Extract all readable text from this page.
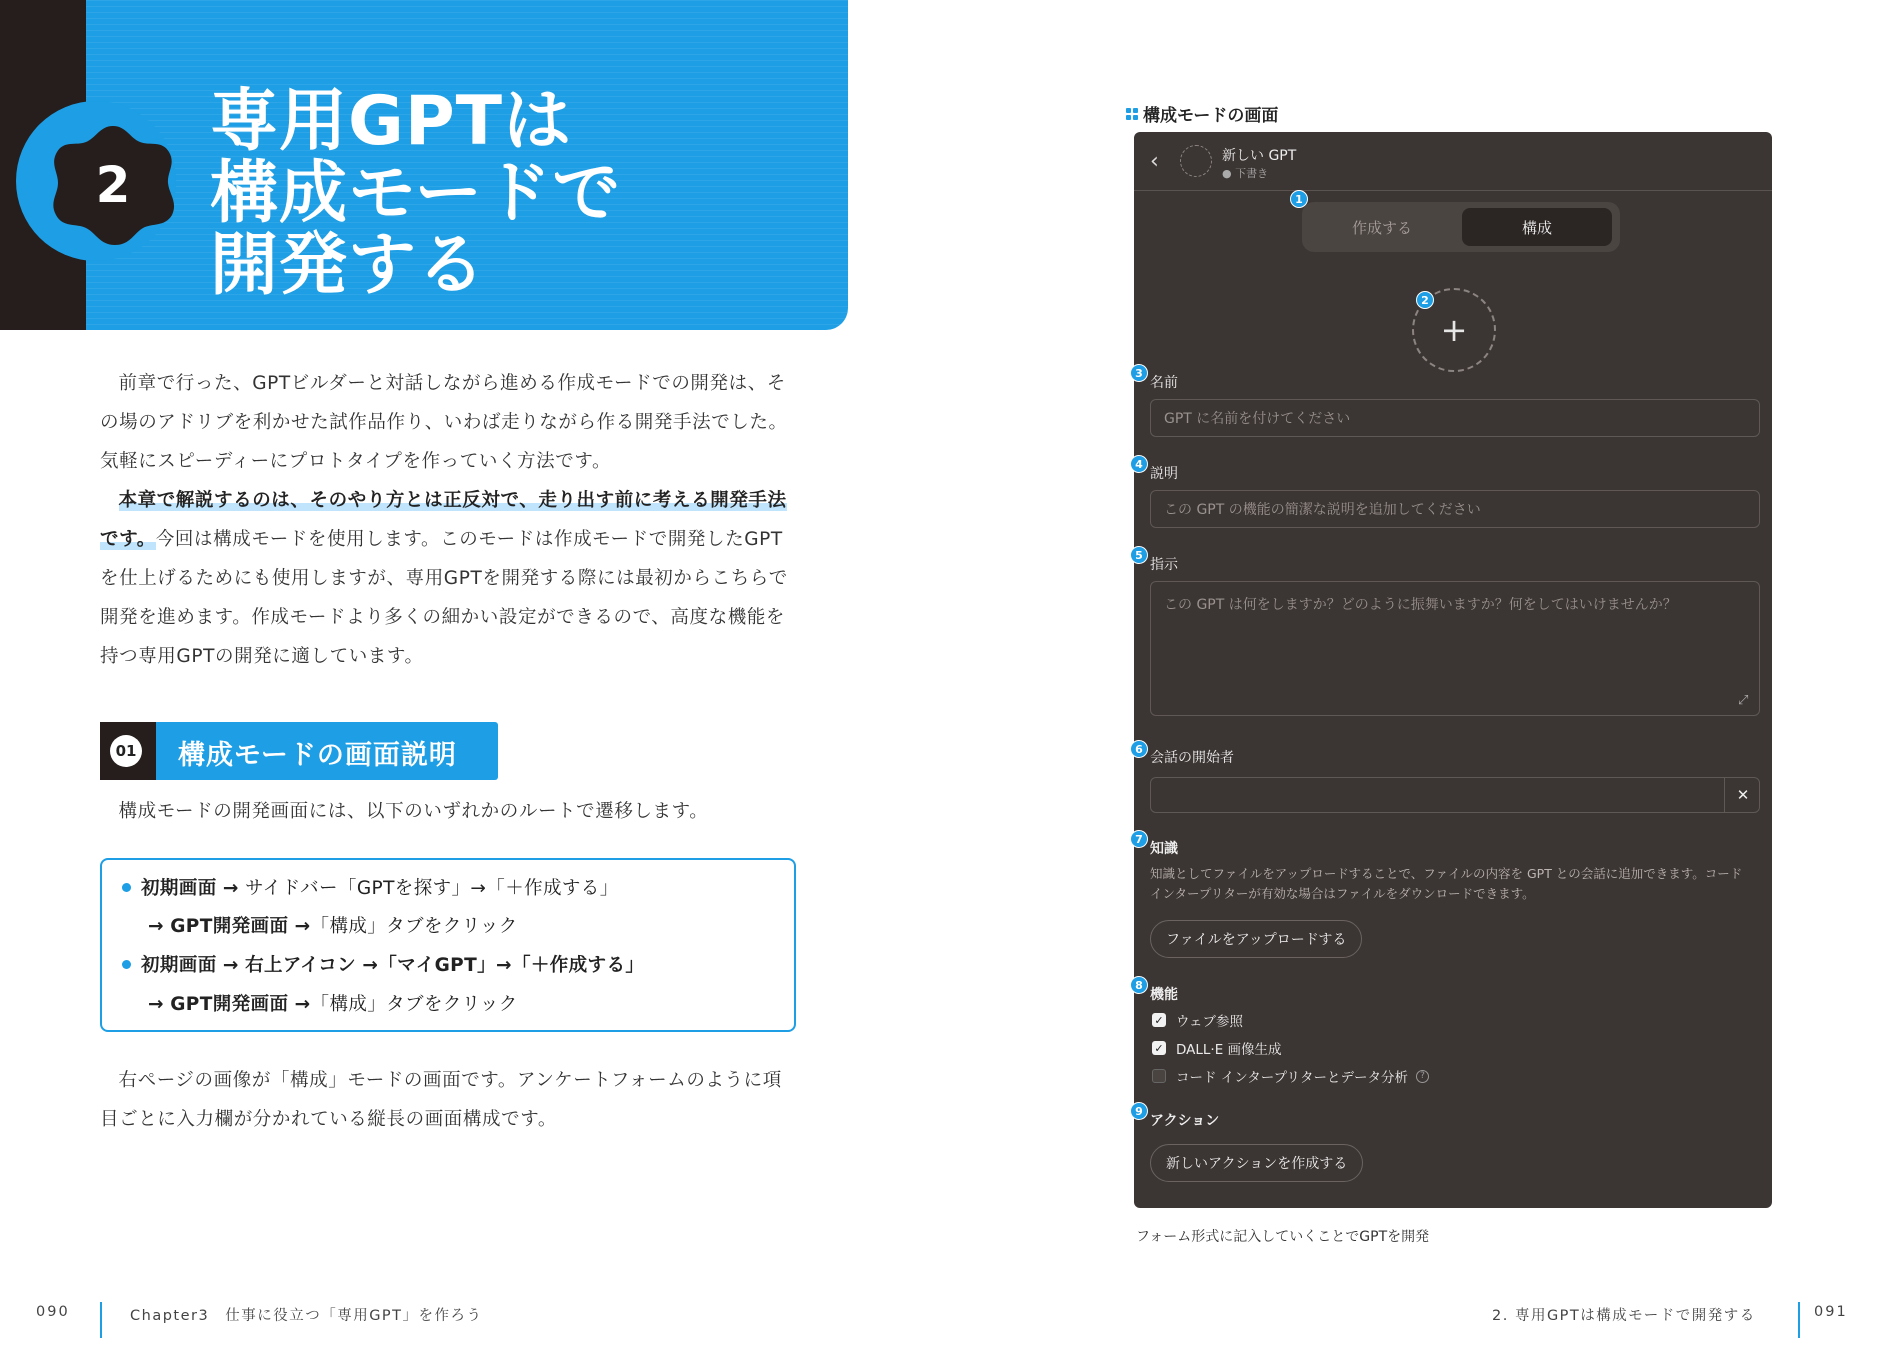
2
専用GPTは
構成モードで
開発する

前章で行った、GPTビルダーと対話しながら進める作成モードでの開発は、その場のアドリブを利かせた試作品作り、いわば走りながら作る開発手法でした。気軽にスピーディーにプロトタイプを作っていく方法です。

本章で解説するのは、そのやり方とは正反対で、走り出す前に考える開発手法です。今回は構成モードを使用します。このモードは作成モードで開発したGPTを仕上げるためにも使用しますが、専用GPTを開発する際には最初からこちらで開発を進めます。作成モードより多くの細かい設定ができるので、高度な機能を持つ専用GPTの開発に適しています。

01 構成モードの画面説明

構成モードの開発画面には、以下のいずれかのルートで遷移します。

初期画面 → サイドバー「GPTを探す」→「＋作成する」
→ GPT開発画面 →「構成」タブをクリック
初期画面 → 右上アイコン →「マイGPT」→「＋作成する」
→ GPT開発画面 →「構成」タブをクリック

右ページの画像が「構成」モードの画面です。アンケートフォームのように項目ごとに入力欄が分かれている縦長の画面構成です。

090	Chapter3　仕事に役立つ「専用GPT」を作ろう	2. 専用GPTは構成モードで開発する	091
構成モードの画面
‹	新しい GPT
● 下書き
作成する	構成
+
名前
GPT に名前を付けてください
説明
この GPT の機能の簡潔な説明を追加してください
指示
この GPT は何をしますか？どのように振舞いますか？何をしてはいけませんか？
⤢
会話の開始者
✕
知識
知識としてファイルをアップロードすることで、ファイルの内容を GPT との会話に追加できます。コード インタープリターが有効な場合はファイルをダウンロードできます。
ファイルをアップロードする
機能
✓ ウェブ参照
✓ DALL·E 画像生成
コード インタープリターとデータ分析	?
アクション
新しいアクションを作成する
1
2
3
4
5
6
7
8
9
フォーム形式に記入していくことでGPTを開発
